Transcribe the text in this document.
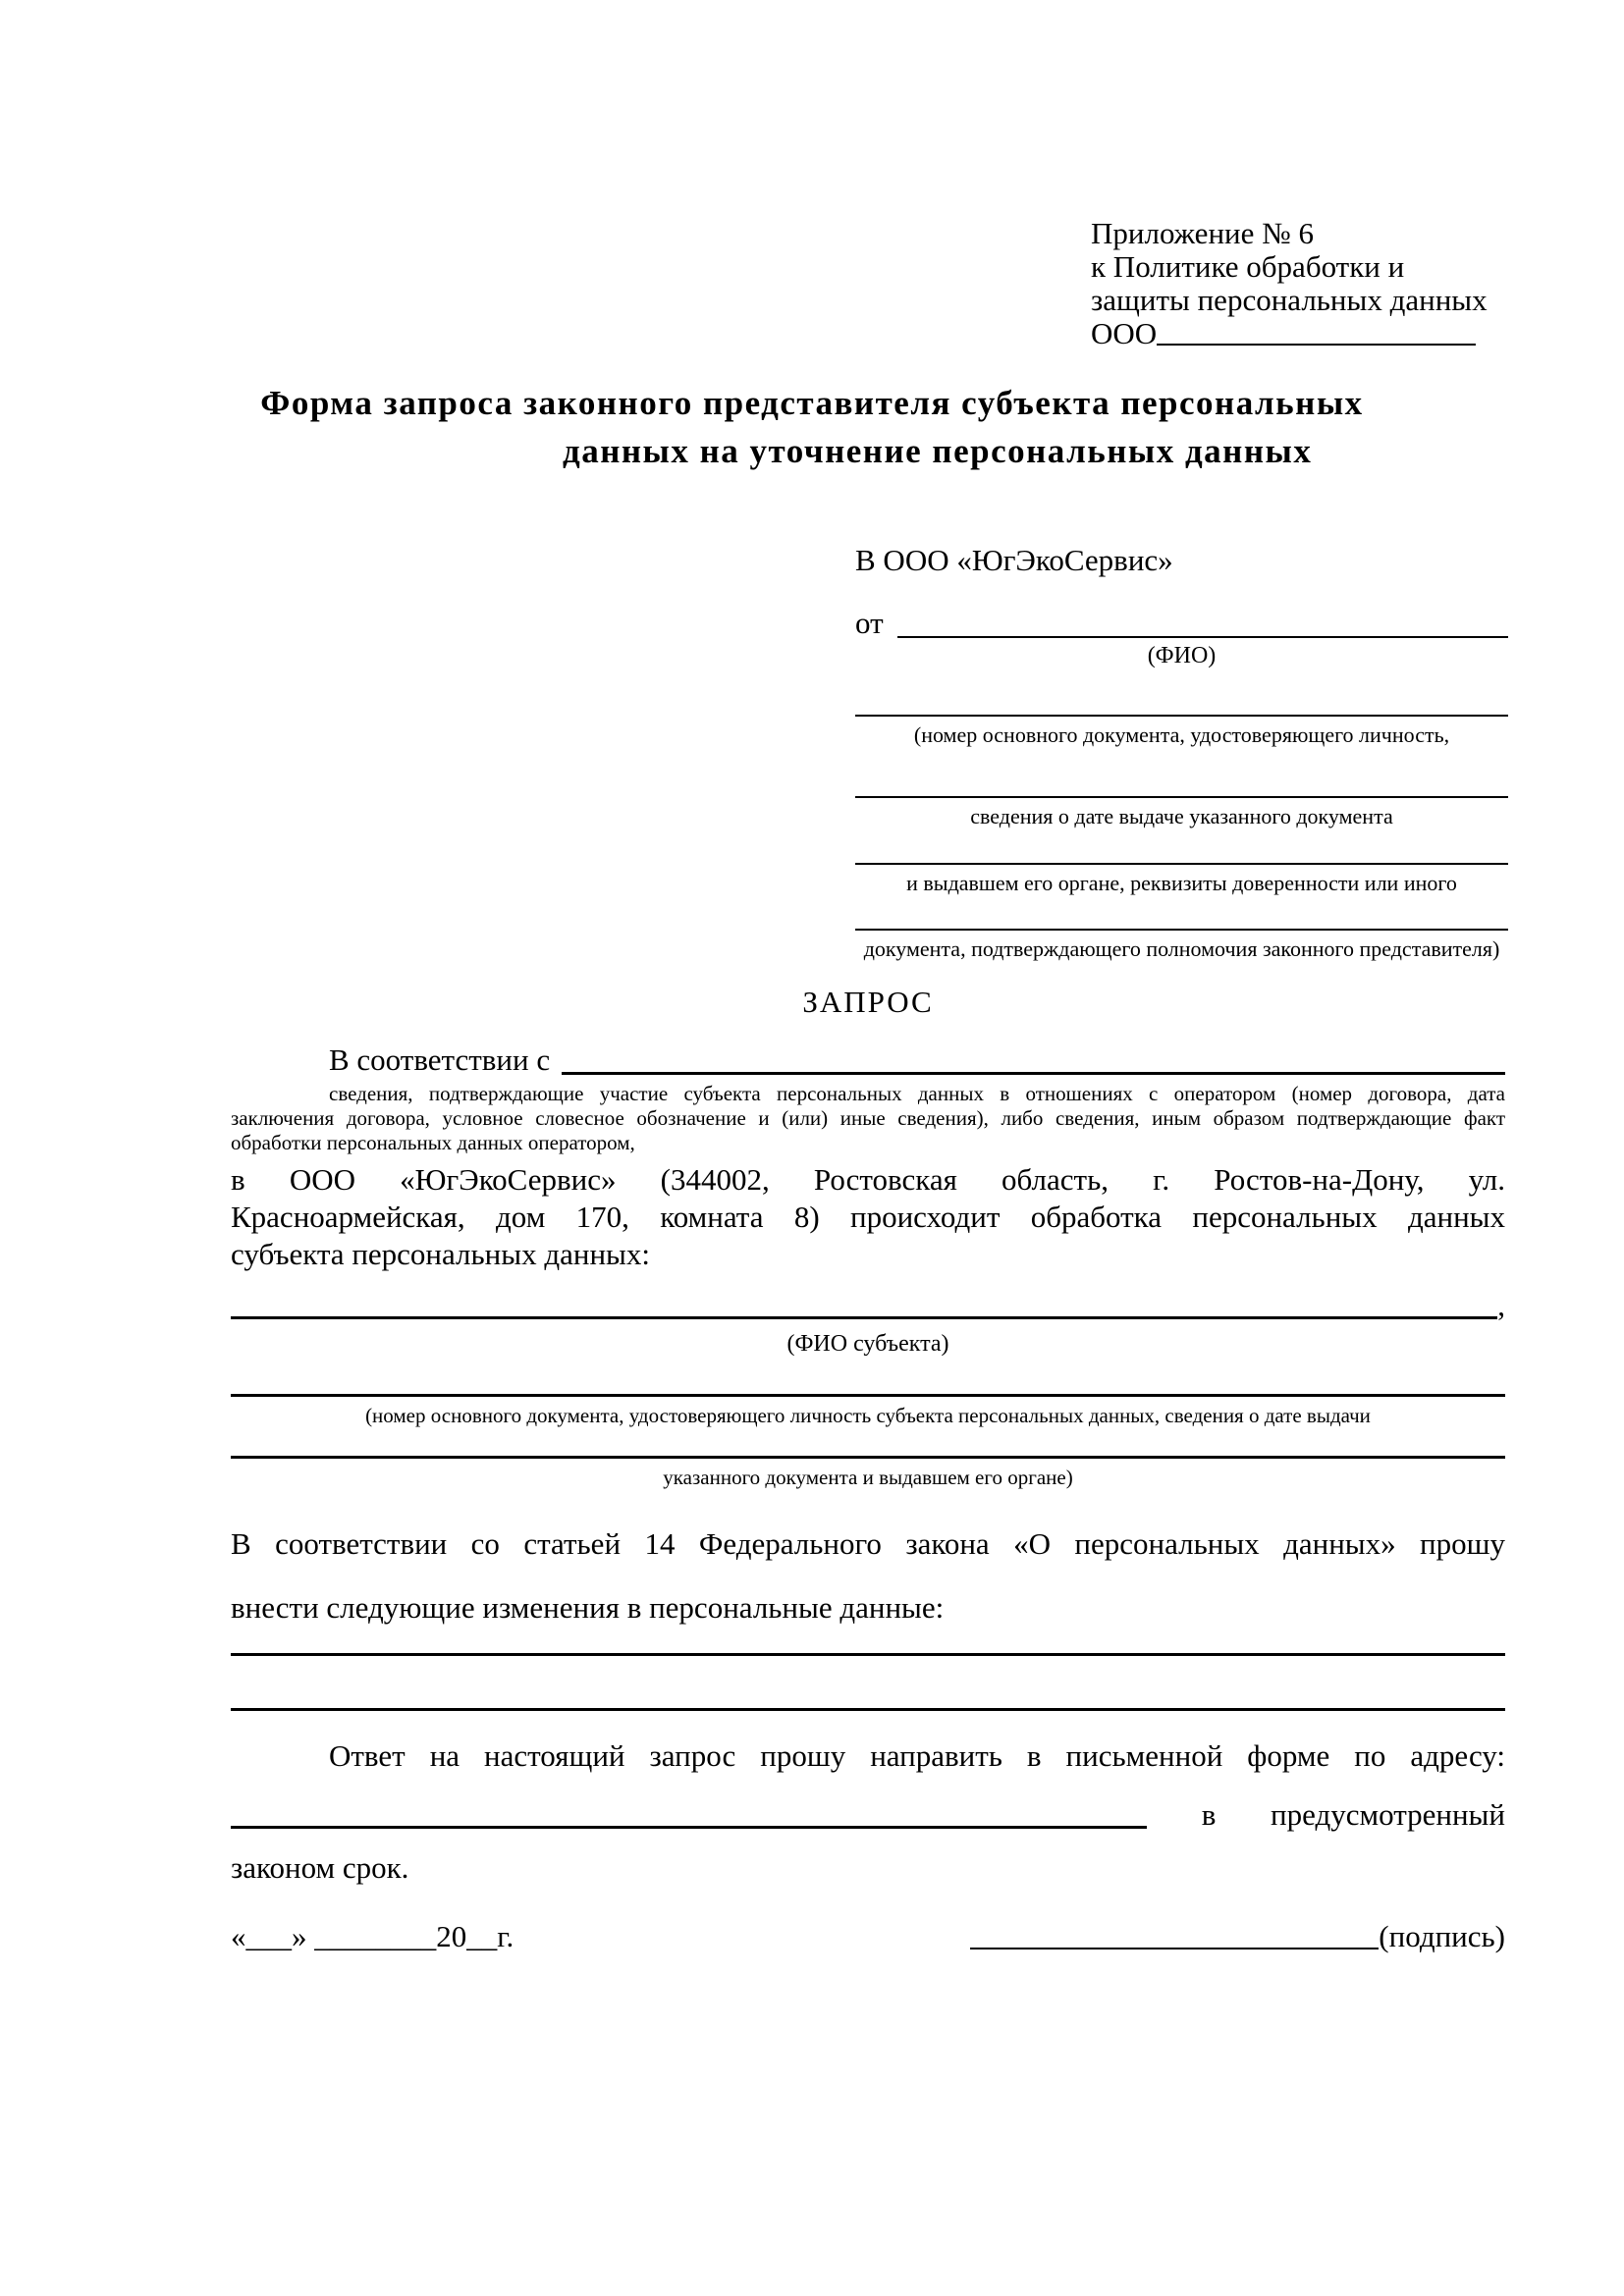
Приложение № 6
к Политике обработки и
защиты персональных данных
ООО
Форма запроса законного представителя субъекта персональных
данных на уточнение персональных данных
В ООО «ЮгЭкоСервис»
от
(ФИО)
(номер основного документа, удостоверяющего личность,
сведения о дате выдаче указанного документа
и выдавшем его органе, реквизиты доверенности или иного
документа, подтверждающего полномочия законного представителя)
ЗАПРОС
В соответствии с
сведения, подтверждающие участие субъекта персональных данных в отношениях с оператором (номер договора, дата
заключения договора, условное словесное обозначение и (или) иные сведения), либо сведения, иным образом подтверждающие факт
обработки персональных данных оператором,
в ООО «ЮгЭкоСервис» (344002, Ростовская область, г. Ростов-на-Дону, ул.
Красноармейская, дом 170, комната 8) происходит обработка персональных данных
субъекта персональных данных:
,
(ФИО субъекта)
(номер основного документа, удостоверяющего личность субъекта персональных данных, сведения о дате выдачи
указанного документа и выдавшем его органе)
В соответствии со статьей 14 Федерального закона «О персональных данных» прошу
внести следующие изменения в персональные данные:
Ответ на настоящий запрос прошу направить в письменной форме по адресу:
в предусмотренный
законом срок.
«___» ________20__г.	(подпись)
